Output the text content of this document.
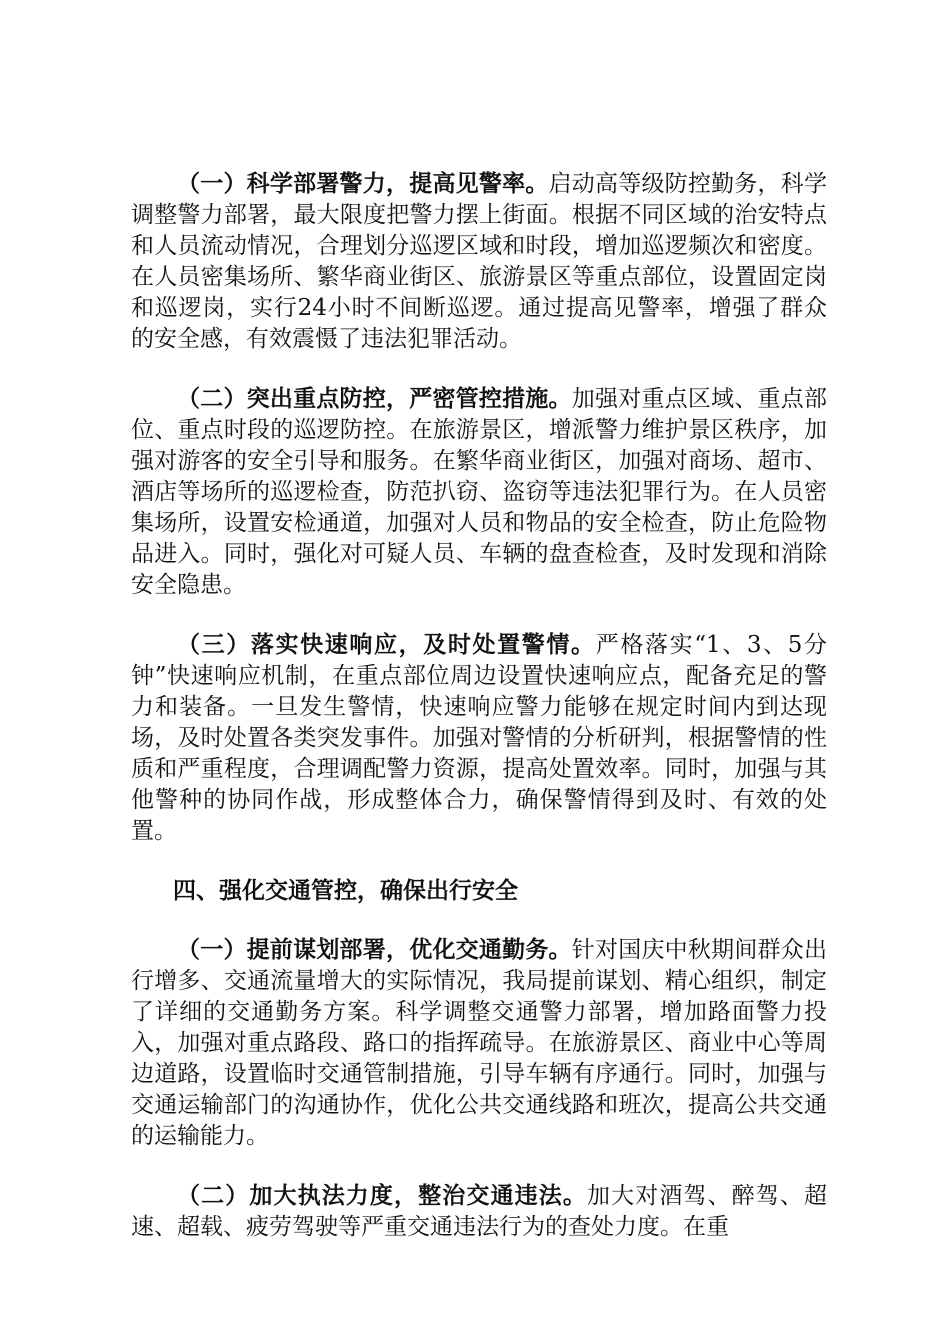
（一）科学部署警力，提高见警率。启动高等级防控勤务，科学调整警力部署，最大限度把警力摆上街面。根据不同区域的治安特点和人员流动情况，合理划分巡逻区域和时段，增加巡逻频次和密度。在人员密集场所、繁华商业街区、旅游景区等重点部位，设置固定岗和巡逻岗，实行24小时不间断巡逻。通过提高见警率，增强了群众的安全感，有效震慑了违法犯罪活动。

（二）突出重点防控，严密管控措施。加强对重点区域、重点部位、重点时段的巡逻防控。在旅游景区，增派警力维护景区秩序，加强对游客的安全引导和服务。在繁华商业街区，加强对商场、超市、酒店等场所的巡逻检查，防范扒窃、盗窃等违法犯罪行为。在人员密集场所，设置安检通道，加强对人员和物品的安全检查，防止危险物品进入。同时，强化对可疑人员、车辆的盘查检查，及时发现和消除安全隐患。

（三）落实快速响应，及时处置警情。严格落实“1、3、5分钟”快速响应机制，在重点部位周边设置快速响应点，配备充足的警力和装备。一旦发生警情，快速响应警力能够在规定时间内到达现场，及时处置各类突发事件。加强对警情的分析研判，根据警情的性质和严重程度，合理调配警力资源，提高处置效率。同时，加强与其他警种的协同作战，形成整体合力，确保警情得到及时、有效的处置。

四、强化交通管控，确保出行安全

（一）提前谋划部署，优化交通勤务。针对国庆中秋期间群众出行增多、交通流量增大的实际情况，我局提前谋划、精心组织，制定了详细的交通勤务方案。科学调整交通警力部署，增加路面警力投入，加强对重点路段、路口的指挥疏导。在旅游景区、商业中心等周边道路，设置临时交通管制措施，引导车辆有序通行。同时，加强与交通运输部门的沟通协作，优化公共交通线路和班次，提高公共交通的运输能力。

（二）加大执法力度，整治交通违法。加大对酒驾、醉驾、超速、超载、疲劳驾驶等严重交通违法行为的查处力度。在重
